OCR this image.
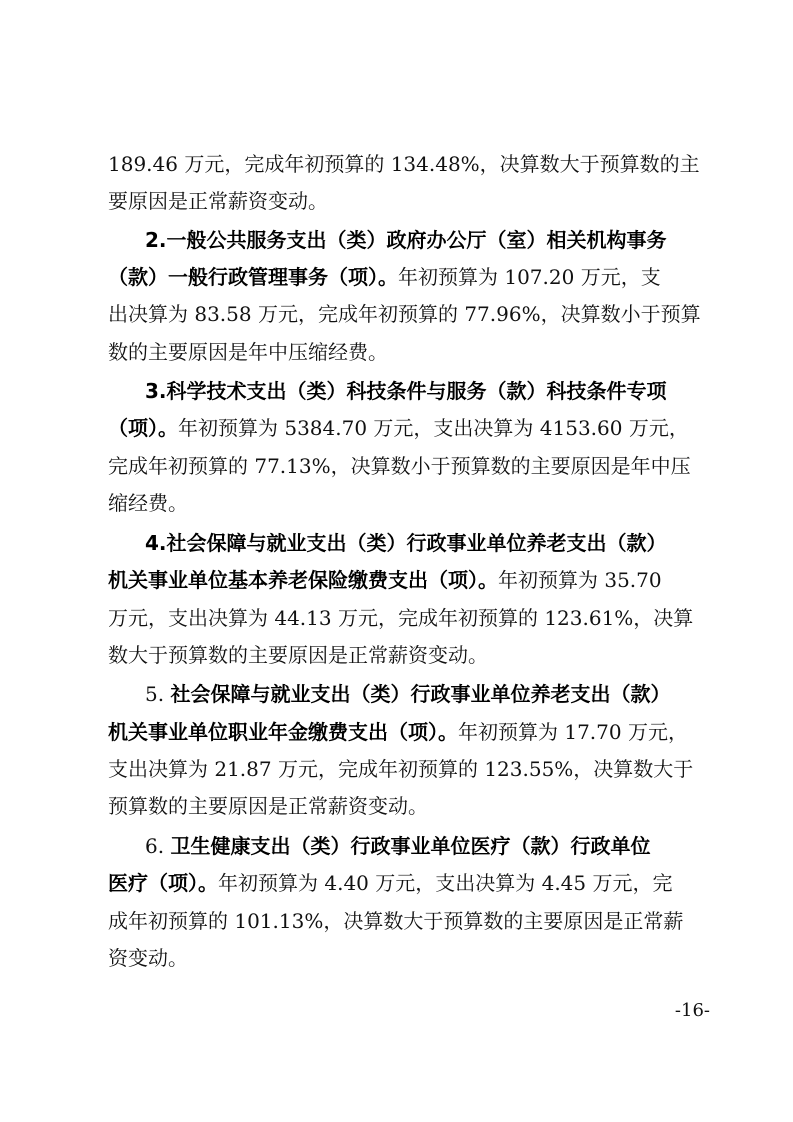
189.46 万元，完成年初预算的 134.48%，决算数大于预算数的主
要原因是正常薪资变动。
2.一般公共服务支出（类）政府办公厅（室）相关机构事务
（款）一般行政管理事务（项）。年初预算为 107.20 万元，支
出决算为 83.58 万元，完成年初预算的 77.96%，决算数小于预算
数的主要原因是年中压缩经费。
3.科学技术支出（类）科技条件与服务（款）科技条件专项
（项）。年初预算为 5384.70 万元，支出决算为 4153.60 万元，
完成年初预算的 77.13%，决算数小于预算数的主要原因是年中压
缩经费。
4.社会保障与就业支出（类）行政事业单位养老支出（款）
机关事业单位基本养老保险缴费支出（项）。年初预算为 35.70
万元，支出决算为 44.13 万元，完成年初预算的 123.61%，决算
数大于预算数的主要原因是正常薪资变动。
5. 社会保障与就业支出（类）行政事业单位养老支出（款）
机关事业单位职业年金缴费支出（项）。年初预算为 17.70 万元，
支出决算为 21.87 万元，完成年初预算的 123.55%，决算数大于
预算数的主要原因是正常薪资变动。
6. 卫生健康支出（类）行政事业单位医疗（款）行政单位
医疗（项）。年初预算为 4.40 万元，支出决算为 4.45 万元，完
成年初预算的 101.13%，决算数大于预算数的主要原因是正常薪
资变动。
-16-
